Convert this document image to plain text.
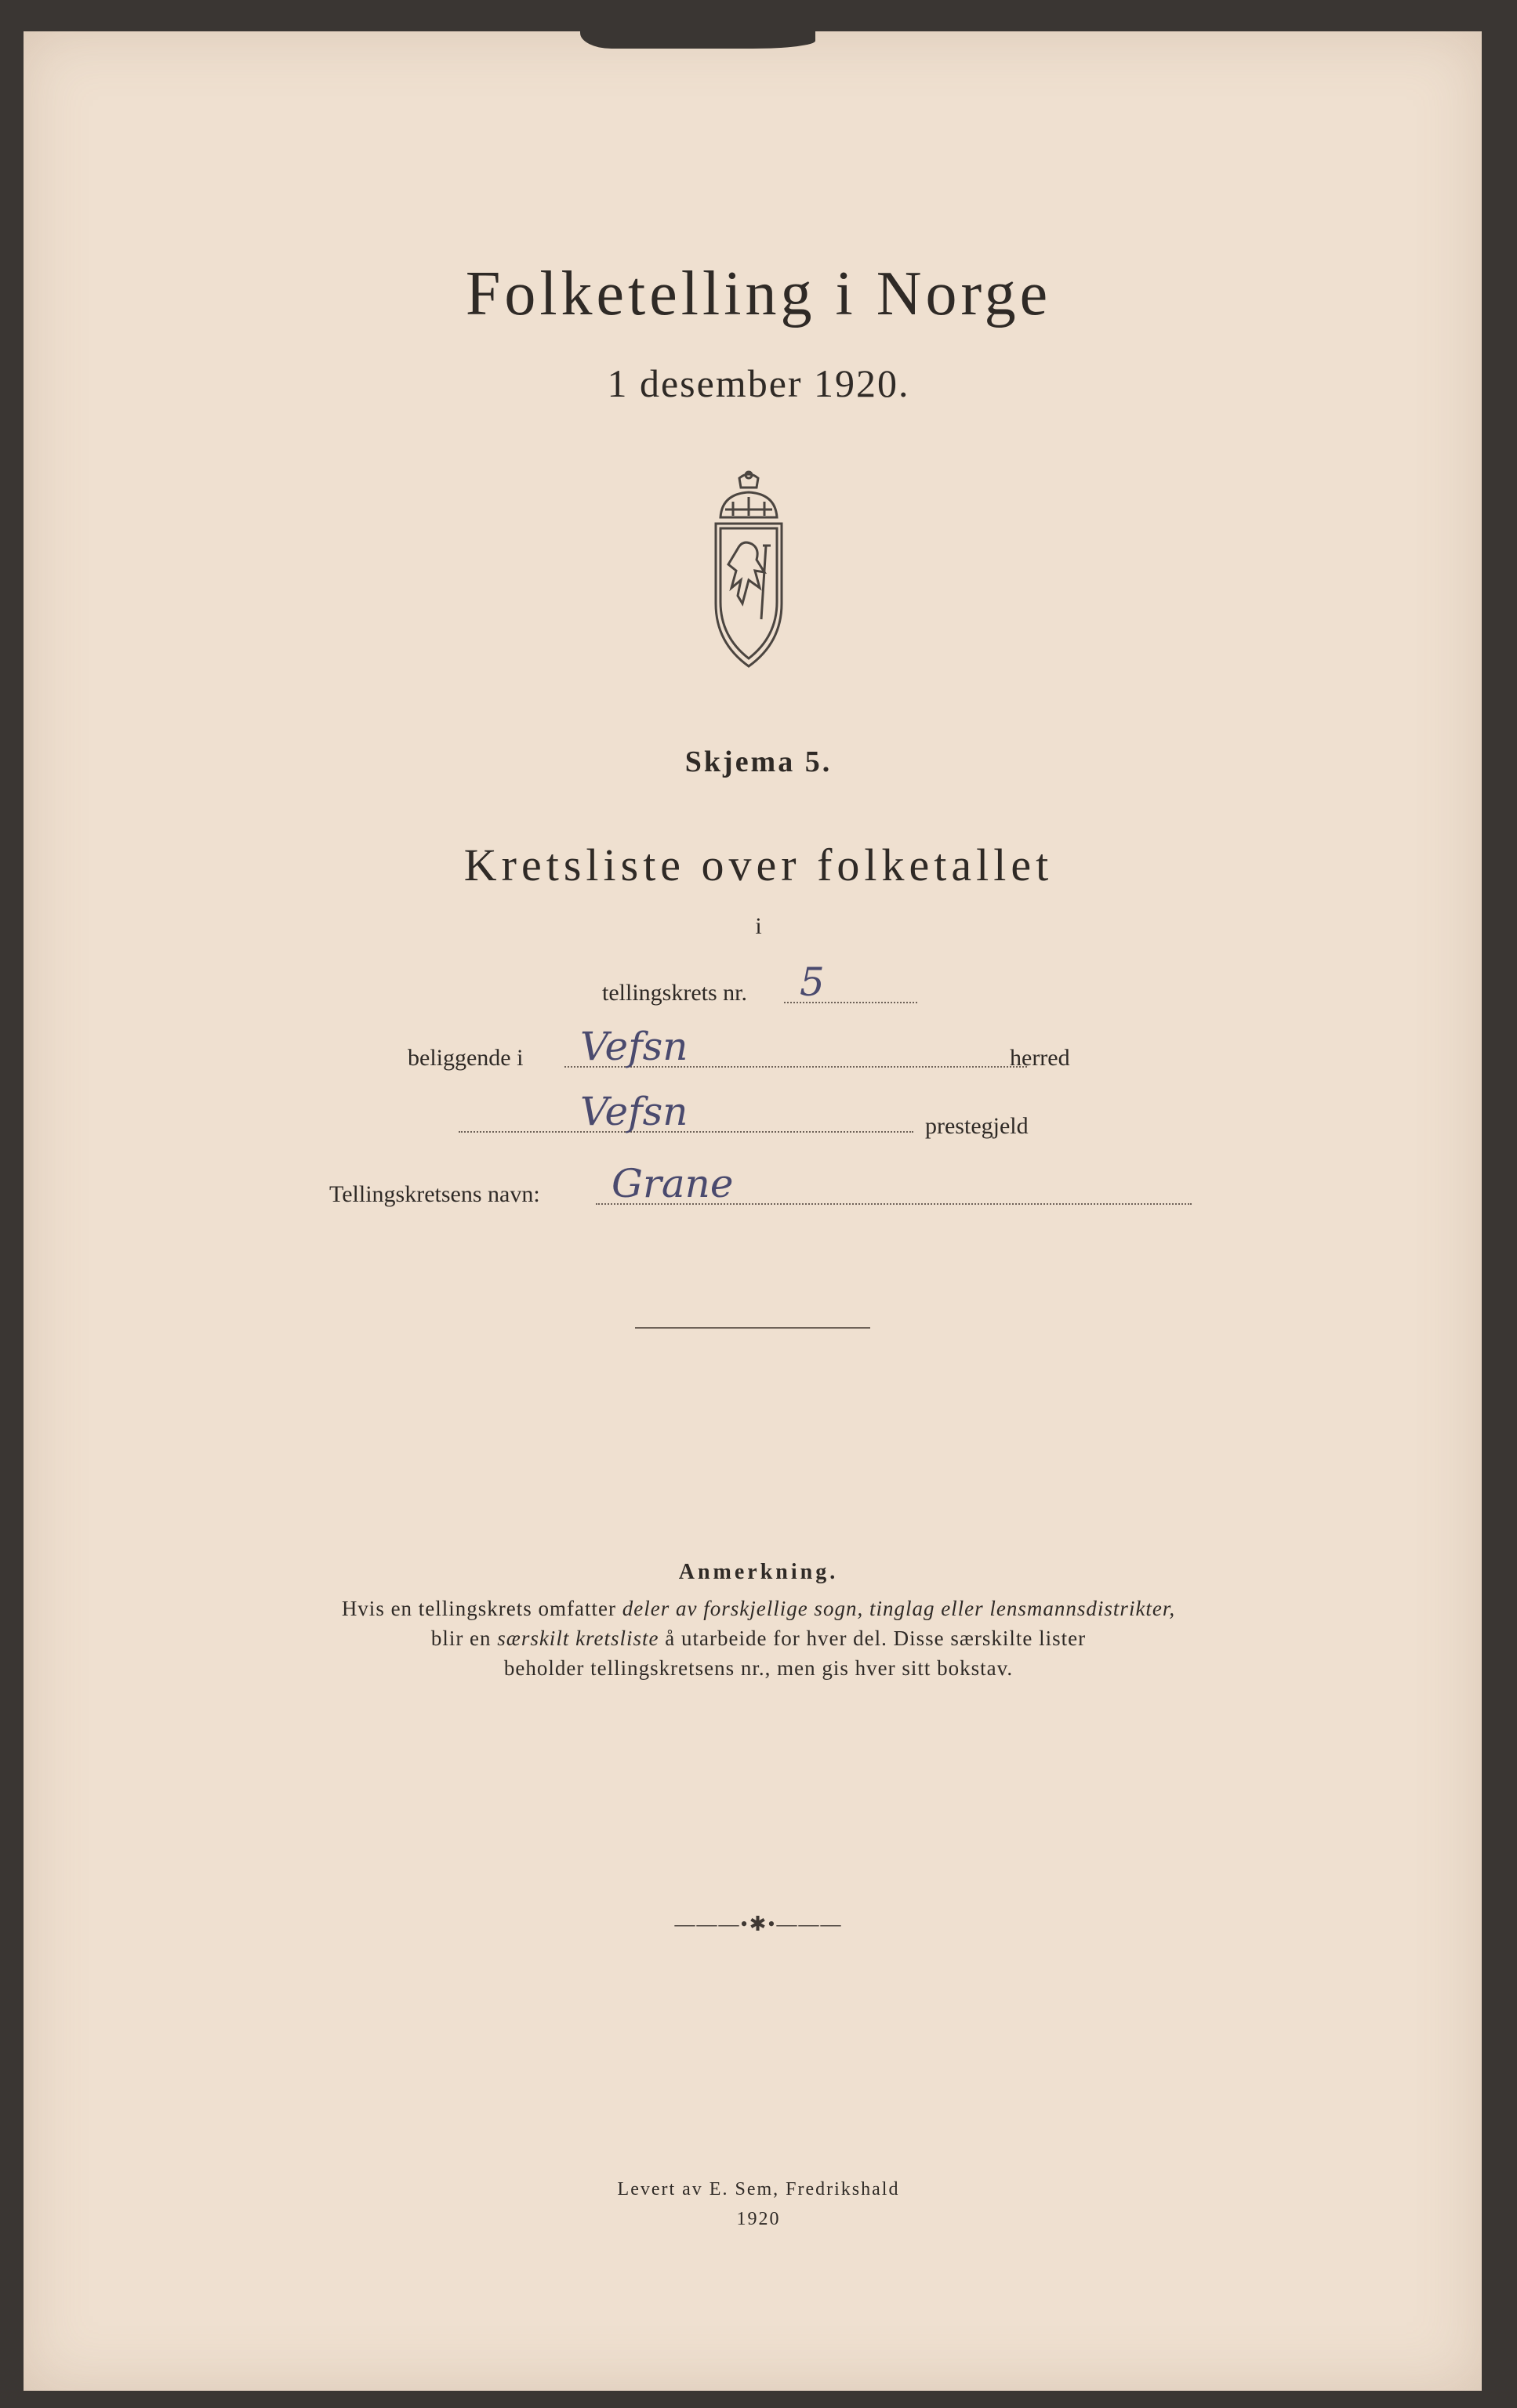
Folketelling i Norge
1 desember 1920.
Skjema 5.
Kretsliste over folketallet
i
tellingskrets nr.	5
beliggende i	Vefsn	herred
Vefsn	prestegjeld
Tellingskretsens navn:	Grane
Anmerkning.
Hvis en tellingskrets omfatter deler av forskjellige sogn, tinglag eller lensmannsdistrikter,
blir en særskilt kretsliste å utarbeide for hver del. Disse særskilte lister
beholder tellingskretsens nr., men gis hver sitt bokstav.
———•✱•———
Levert av E. Sem, Fredrikshald
1920
